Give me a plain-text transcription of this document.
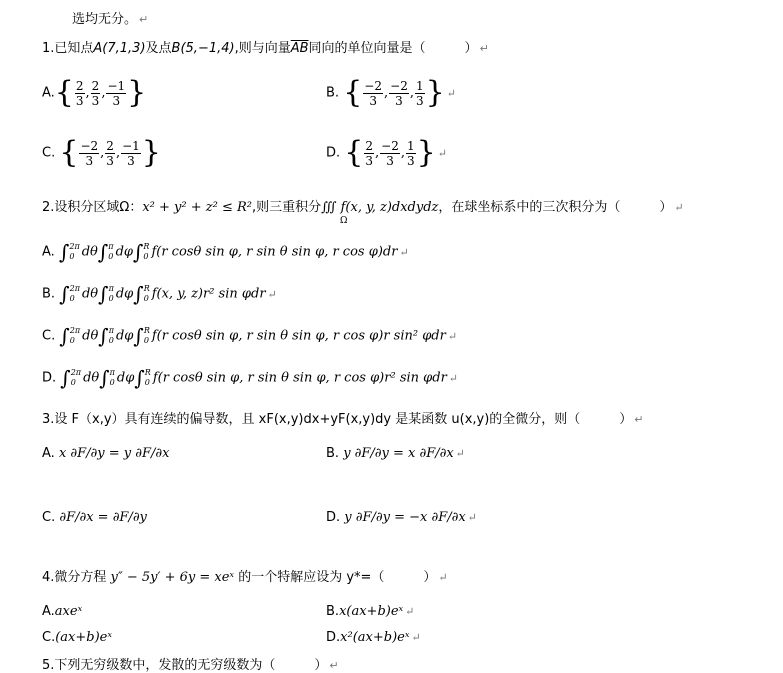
选均无分。 ↵
1.已知点A(7,1,3)及点B(5,−1,4),则与向量$\overline{AB}$同向的单位向量是（　　　） ↵
$A.\{ \frac{2}{3}$ , $\frac{2}{3}$ , $\frac{-1}{3}$ }	B. { $\frac{-2}{3}$ , $\frac{-2}{3}$ , $\frac{1}{3}$ } ↵
C. { $\frac{-2}{3}$ , $\frac{2}{3}$ , $\frac{-1}{3}$ }	D. { $\frac{2}{3}$ , $\frac{-2}{3}$ , $\frac{1}{3}$ } ↵
2.设积分区域Ω：x² + y² + z² ≤ R²,则三重积分∭ f(x, y, z)dxdydz，在球坐标系中的三次积分为（　　　） ↵
Ω
A. ∫ 2π
0 dθ∫ π
0 dφ∫ R
0 f(r cosθ sin φ, r sin θ sin φ, r cos φ)dr ↵
B. ∫ 2π
0 dθ∫ π
0 dφ∫ R
0 f(x, y, z)r² sin φdr ↵
C. ∫ 2π
0 dθ∫ π
0 dφ∫ R
0 f(r cosθ sin φ, r sin θ sin φ, r cos φ)r sin² φdr ↵
D. ∫ 2π
0 dθ∫ π
0 dφ∫ R
0 f(r cosθ sin φ, r sin θ sin φ, r cos φ)r² sin φdr ↵
3.设 F（x,y）具有连续的偏导数，且 xF(x,y)dx+yF(x,y)dy 是某函数 u(x,y)的全微分，则（　　　） ↵
A. x ∂F/∂y = y ∂F/∂x	B. y ∂F/∂y = x ∂F/∂x ↵
C. ∂F/∂x = ∂F/∂y	D. y ∂F/∂y = −x ∂F/∂x ↵
4.微分方程 y″ − 5y′ + 6y = xeˣ 的一个特解应设为 y*=（　　　） ↵
A.axeˣ	B.x(ax+b)eˣ ↵
C.(ax+b)eˣ	D.x²(ax+b)eˣ ↵
5.下列无穷级数中，发散的无穷级数为（　　　） ↵
